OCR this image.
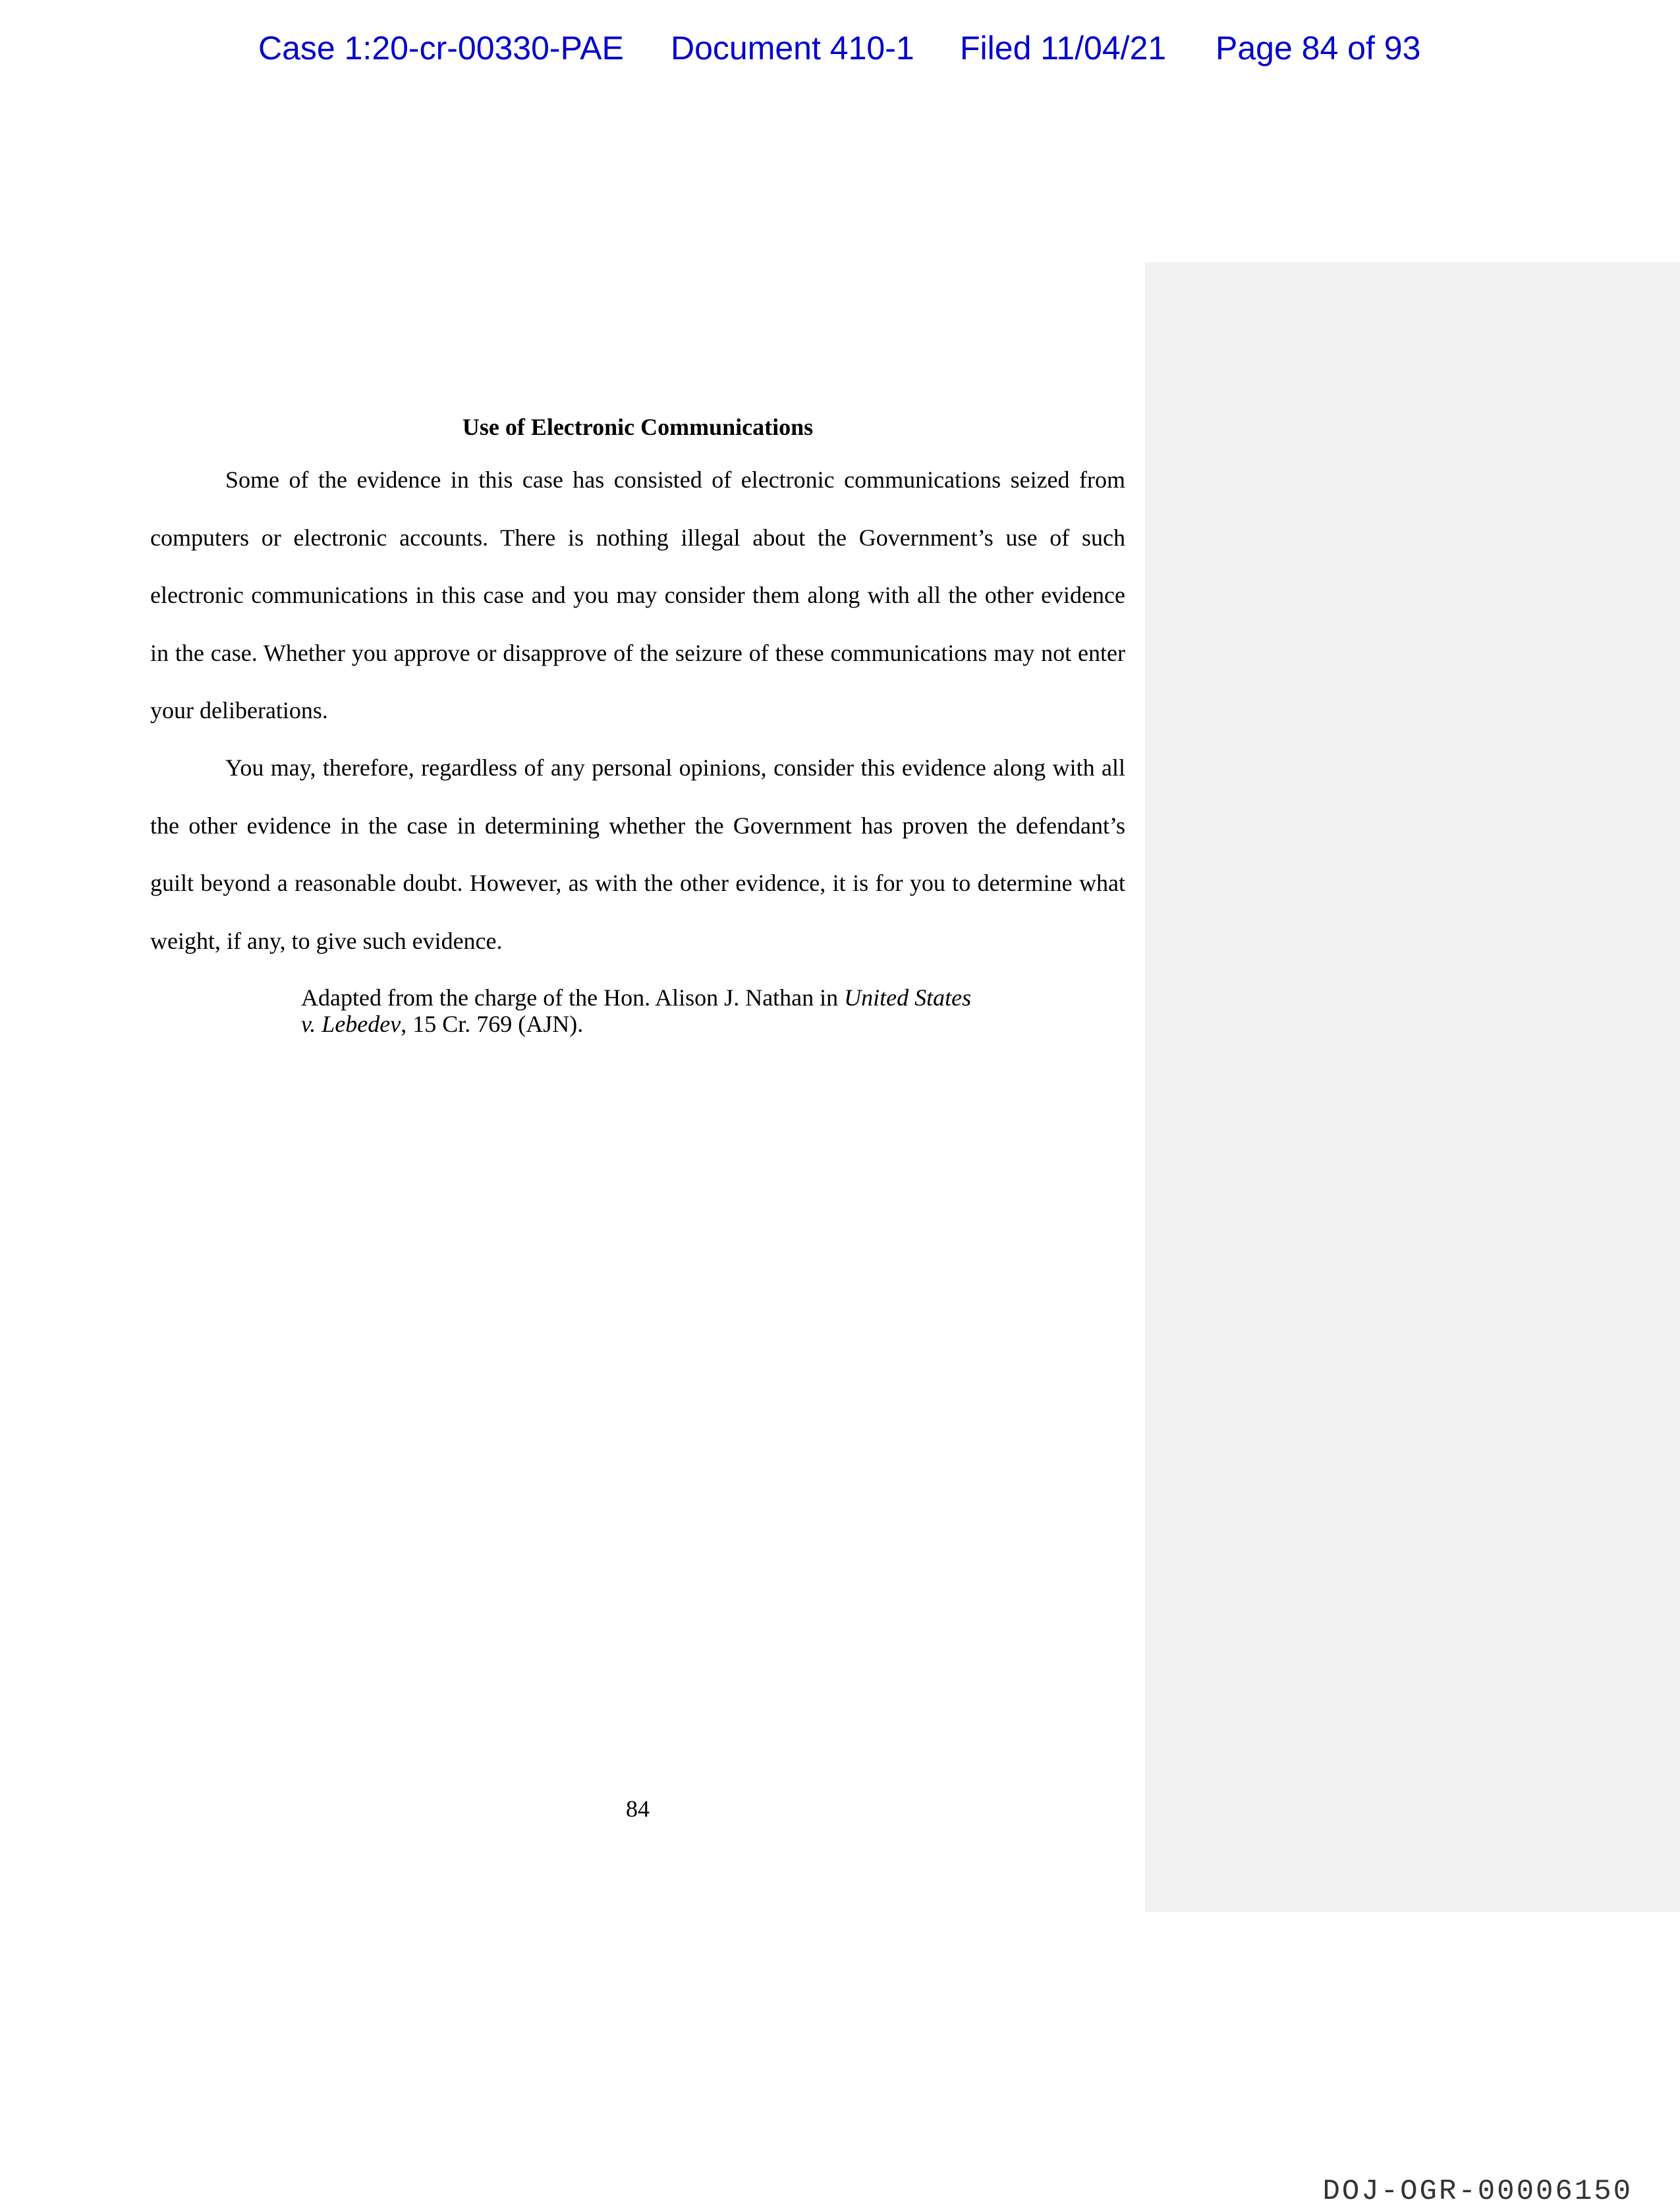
Case 1:20-cr-00330-PAE Document 410-1 Filed 11/04/21 Page 84 of 93
Use of Electronic Communications

Some of the evidence in this case has consisted of electronic communications seized from computers or electronic accounts. There is nothing illegal about the Government’s use of such electronic communications in this case and you may consider them along with all the other evidence in the case. Whether you approve or disapprove of the seizure of these communications may not enter your deliberations.

You may, therefore, regardless of any personal opinions, consider this evidence along with all the other evidence in the case in determining whether the Government has proven the defendant’s guilt beyond a reasonable doubt. However, as with the other evidence, it is for you to determine what weight, if any, to give such evidence.

Adapted from the charge of the Hon. Alison J. Nathan in United States
v. Lebedev, 15 Cr. 769 (AJN).
84
DOJ-OGR-00006150
